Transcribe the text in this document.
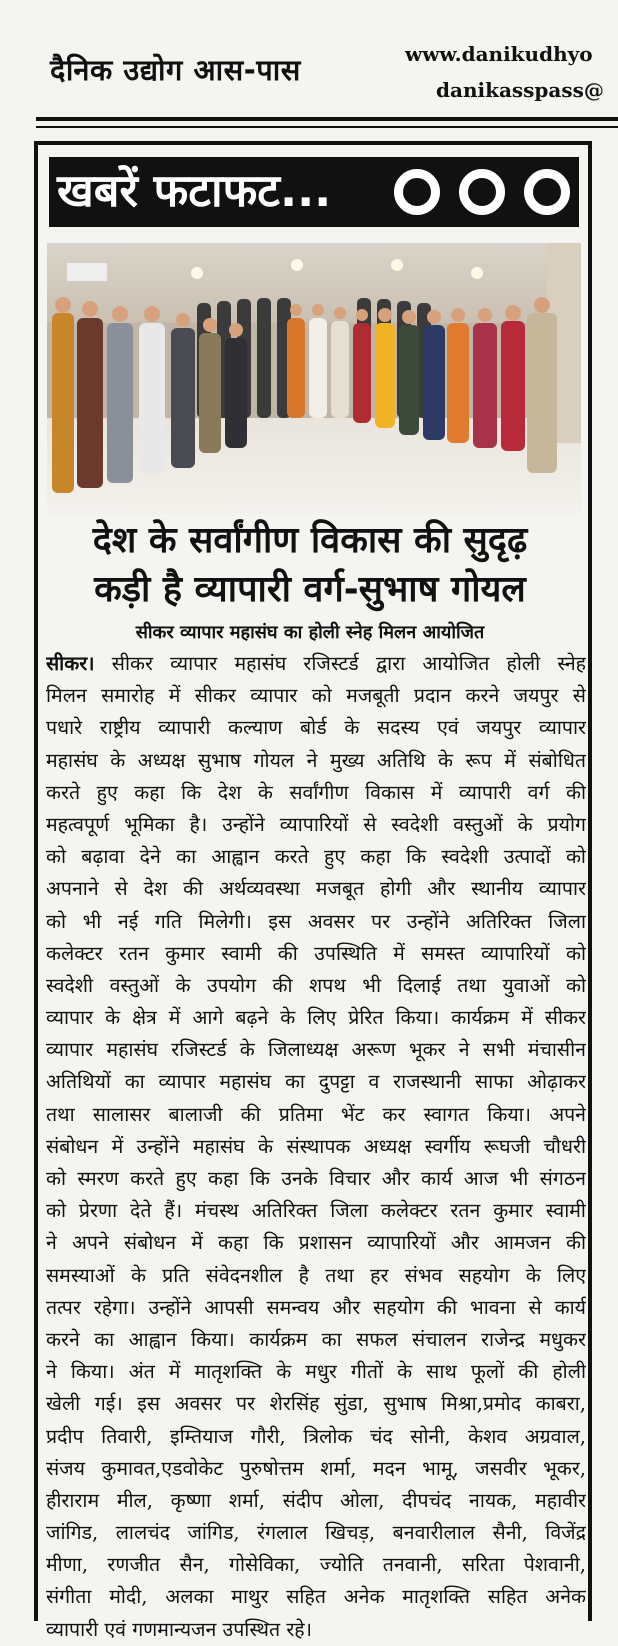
दैनिक उद्योग आस-पास	www.danikudhyo
danikasspass@
खबरें फटाफट...
देश के सर्वांगीण विकास की सुदृढ़
कड़ी है व्यापारी वर्ग-सुभाष गोयल
सीकर व्यापार महासंघ का होली स्नेह मिलन आयोजित
सीकर। सीकर व्यापार महासंघ रजिस्टर्ड द्वारा आयोजित होली स्नेह
मिलन समारोह में सीकर व्यापार को मजबूती प्रदान करने जयपुर से
पधारे राष्ट्रीय व्यापारी कल्याण बोर्ड के सदस्य एवं जयपुर व्यापार
महासंघ के अध्यक्ष सुभाष गोयल ने मुख्य अतिथि के रूप में संबोधित
करते हुए कहा कि देश के सर्वांगीण विकास में व्यापारी वर्ग की
महत्वपूर्ण भूमिका है। उन्होंने व्यापारियों से स्वदेशी वस्तुओं के प्रयोग
को बढ़ावा देने का आह्वान करते हुए कहा कि स्वदेशी उत्पादों को
अपनाने से देश की अर्थव्यवस्था मजबूत होगी और स्थानीय व्यापार
को भी नई गति मिलेगी। इस अवसर पर उन्होंने अतिरिक्त जिला
कलेक्टर रतन कुमार स्वामी की उपस्थिति में समस्त व्यापारियों को
स्वदेशी वस्तुओं के उपयोग की शपथ भी दिलाई तथा युवाओं को
व्यापार के क्षेत्र में आगे बढ़ने के लिए प्रेरित किया। कार्यक्रम में सीकर
व्यापार महासंघ रजिस्टर्ड के जिलाध्यक्ष अरूण भूकर ने सभी मंचासीन
अतिथियों का व्यापार महासंघ का दुपट्टा व राजस्थानी साफा ओढ़ाकर
तथा सालासर बालाजी की प्रतिमा भेंट कर स्वागत किया। अपने
संबोधन में उन्होंने महासंघ के संस्थापक अध्यक्ष स्वर्गीय रूघजी चौधरी
को स्मरण करते हुए कहा कि उनके विचार और कार्य आज भी संगठन
को प्रेरणा देते हैं। मंचस्थ अतिरिक्त जिला कलेक्टर रतन कुमार स्वामी
ने अपने संबोधन में कहा कि प्रशासन व्यापारियों और आमजन की
समस्याओं के प्रति संवेदनशील है तथा हर संभव सहयोग के लिए
तत्पर रहेगा। उन्होंने आपसी समन्वय और सहयोग की भावना से कार्य
करने का आह्वान किया। कार्यक्रम का सफल संचालन राजेन्द्र मधुकर
ने किया। अंत में मातृशक्ति के मधुर गीतों के साथ फूलों की होली
खेली गई। इस अवसर पर शेरसिंह सुंडा, सुभाष मिश्रा,प्रमोद काबरा,
प्रदीप तिवारी, इम्तियाज गौरी, त्रिलोक चंद सोनी, केशव अग्रवाल,
संजय कुमावत,एडवोकेट पुरुषोत्तम शर्मा, मदन भामू, जसवीर भूकर,
हीराराम मील, कृष्णा शर्मा, संदीप ओला, दीपचंद नायक, महावीर
जांगिड, लालचंद जांगिड, रंगलाल खिचड़, बनवारीलाल सैनी, विजेंद्र
मीणा, रणजीत सैन, गोसेविका, ज्योति तनवानी, सरिता पेशवानी,
संगीता मोदी, अलका माथुर सहित अनेक मातृशक्ति सहित अनेक
व्यापारी एवं गणमान्यजन उपस्थित रहे।
